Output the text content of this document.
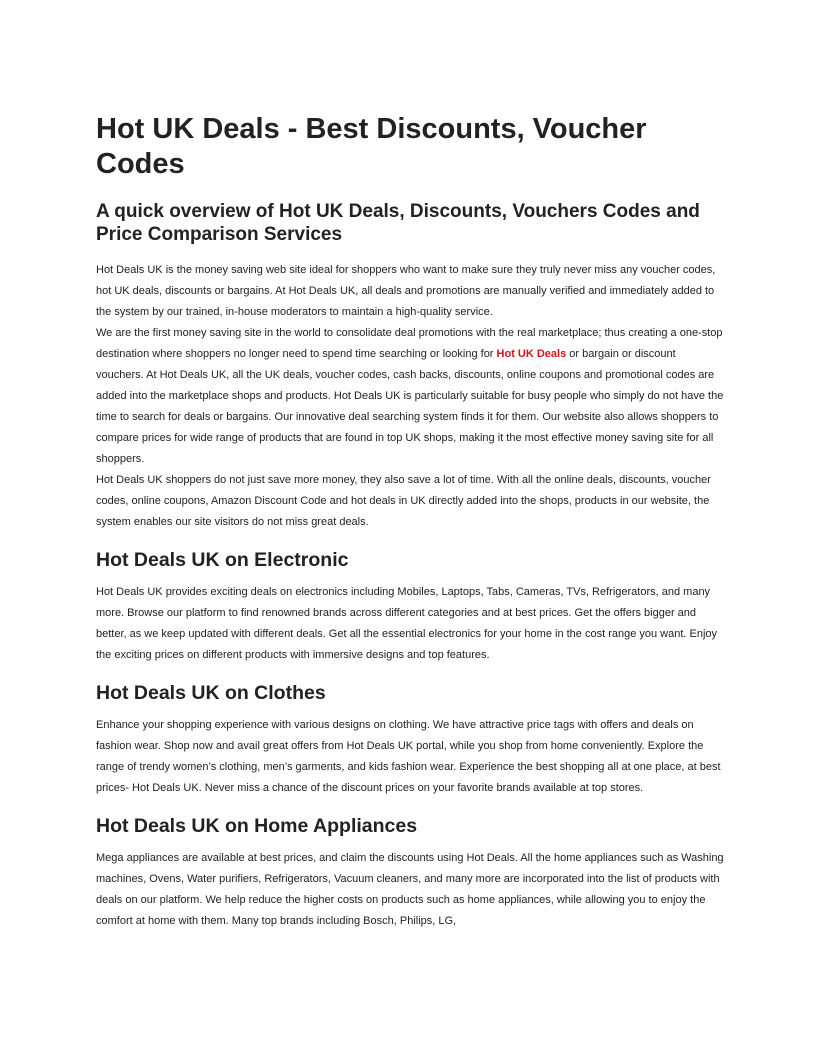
Hot UK Deals - Best Discounts, Voucher Codes
A quick overview of Hot UK Deals, Discounts, Vouchers Codes and Price Comparison Services

Hot Deals UK is the money saving web site ideal for shoppers who want to make sure they truly never miss any voucher codes, hot UK deals, discounts or bargains. At Hot Deals UK, all deals and promotions are manually verified and immediately added to the system by our trained, in-house moderators to maintain a high-quality service.

We are the first money saving site in the world to consolidate deal promotions with the real marketplace; thus creating a one-stop destination where shoppers no longer need to spend time searching or looking for Hot UK Deals or bargain or discount vouchers. At Hot Deals UK, all the UK deals, voucher codes, cash backs, discounts, online coupons and promotional codes are added into the marketplace shops and products. Hot Deals UK is particularly suitable for busy people who simply do not have the time to search for deals or bargains. Our innovative deal searching system finds it for them. Our website also allows shoppers to compare prices for wide range of products that are found in top UK shops, making it the most effective money saving site for all shoppers.

Hot Deals UK shoppers do not just save more money, they also save a lot of time. With all the online deals, discounts, voucher codes, online coupons, Amazon Discount Code and hot deals in UK directly added into the shops, products in our website, the system enables our site visitors do not miss great deals.

Hot Deals UK on Electronic

Hot Deals UK provides exciting deals on electronics including Mobiles, Laptops, Tabs, Cameras, TVs, Refrigerators, and many more. Browse our platform to find renowned brands across different categories and at best prices. Get the offers bigger and better, as we keep updated with different deals. Get all the essential electronics for your home in the cost range you want. Enjoy the exciting prices on different products with immersive designs and top features.

Hot Deals UK on Clothes

Enhance your shopping experience with various designs on clothing. We have attractive price tags with offers and deals on fashion wear. Shop now and avail great offers from Hot Deals UK portal, while you shop from home conveniently. Explore the range of trendy women’s clothing, men’s garments, and kids fashion wear. Experience the best shopping all at one place, at best prices- Hot Deals UK. Never miss a chance of the discount prices on your favorite brands available at top stores.

Hot Deals UK on Home Appliances

Mega appliances are available at best prices, and claim the discounts using Hot Deals. All the home appliances such as Washing machines, Ovens, Water purifiers, Refrigerators, Vacuum cleaners, and many more are incorporated into the list of products with deals on our platform. We help reduce the higher costs on products such as home appliances, while allowing you to enjoy the comfort at home with them. Many top brands including Bosch, Philips, LG,
